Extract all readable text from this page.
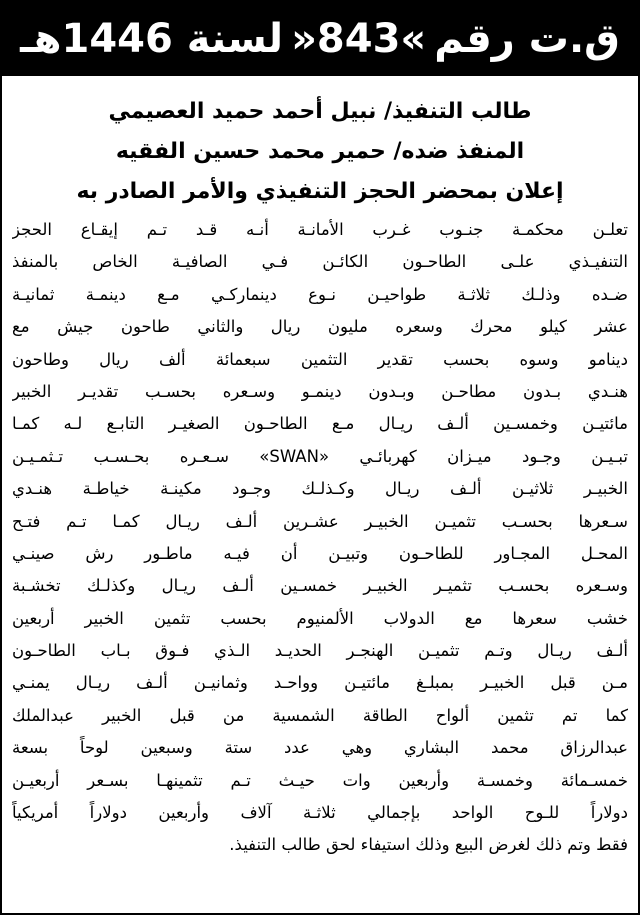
ق.ت رقم
»843«
لسنة 1446هـ
طالب التنفيذ/ نبيل أحمد حميد العصيمي
المنفذ ضده/ حمير محمد حسين الفقيه
إعلان بمحضر الحجز التنفيذي والأمر الصادر به
تعلـن محكمـة جنـوب غـرب الأمانـة أنـه قـد تـم إيقـاع الحجز
التنفيـذي علـى الطاحـون الكائـن فـي الصافيـة الخاص بالمنفذ
ضـده وذلـك ثلاثـة طواحيـن نـوع دينماركـي مـع دينمـة ثمانيـة
عشر كيلو محرك وسعره مليون ريال والثاني طاحون جيش مع
دينامو وسوه بحسب تقدير التثمين سبعمائة ألف ريال وطاحون
هنـدي بـدون مطاحـن وبـدون دينمـو وسـعره بحسـب تقديـر الخبير
مائتيـن وخمسـين ألـف ريـال مـع الطاحـون الصغيـر التابـع لـه كمـا
تبـيـن وجـود ميـزان كهربائـي «SWAN» سـعـره بحـسـب تـثمـيـن
الخبيـر ثلاثيـن ألـف ريـال وكـذلـك وجـود مكينـة خياطـة هنـدي
سـعرها بحسـب تثميـن الخبيـر عشـرين ألـف ريـال كمـا تـم فتـح
المحـل المجـاور للطاحـون وتبيـن أن فيـه ماطـور رش صينـي
وسـعره بحسـب تثميـر الخبيـر خمسـين ألـف ريـال وكذلـك تخشـبة
خشب سعرها مع الدولاب الألمنيوم بحسب تثمين الخبير أربعين
ألـف ريـال وتـم تثميـن الهنجـر الحديـد الـذي فـوق بـاب الطاحـون
مـن قبل الخبيـر بمبلـغ مائتيـن وواحـد وثمانيـن ألـف ريـال يمنـي
كما تم تثمين ألواح الطاقة الشمسية من قبل الخبير عبدالملك
عبدالرزاق محمد البشاري وهي عدد ستة وسبعين لوحاً بسعة
خمسـمائة وخمسـة وأربعين وات حيـث تـم تثمينهـا بسـعر أربعيـن
دولاراً للـوح الواحد بإجمالي ثلاثـة آلاف وأربعين دولاراً أمريكياً
فقط وتم ذلك لغرض البيع وذلك استيفاء لحق طالب التنفيذ.
